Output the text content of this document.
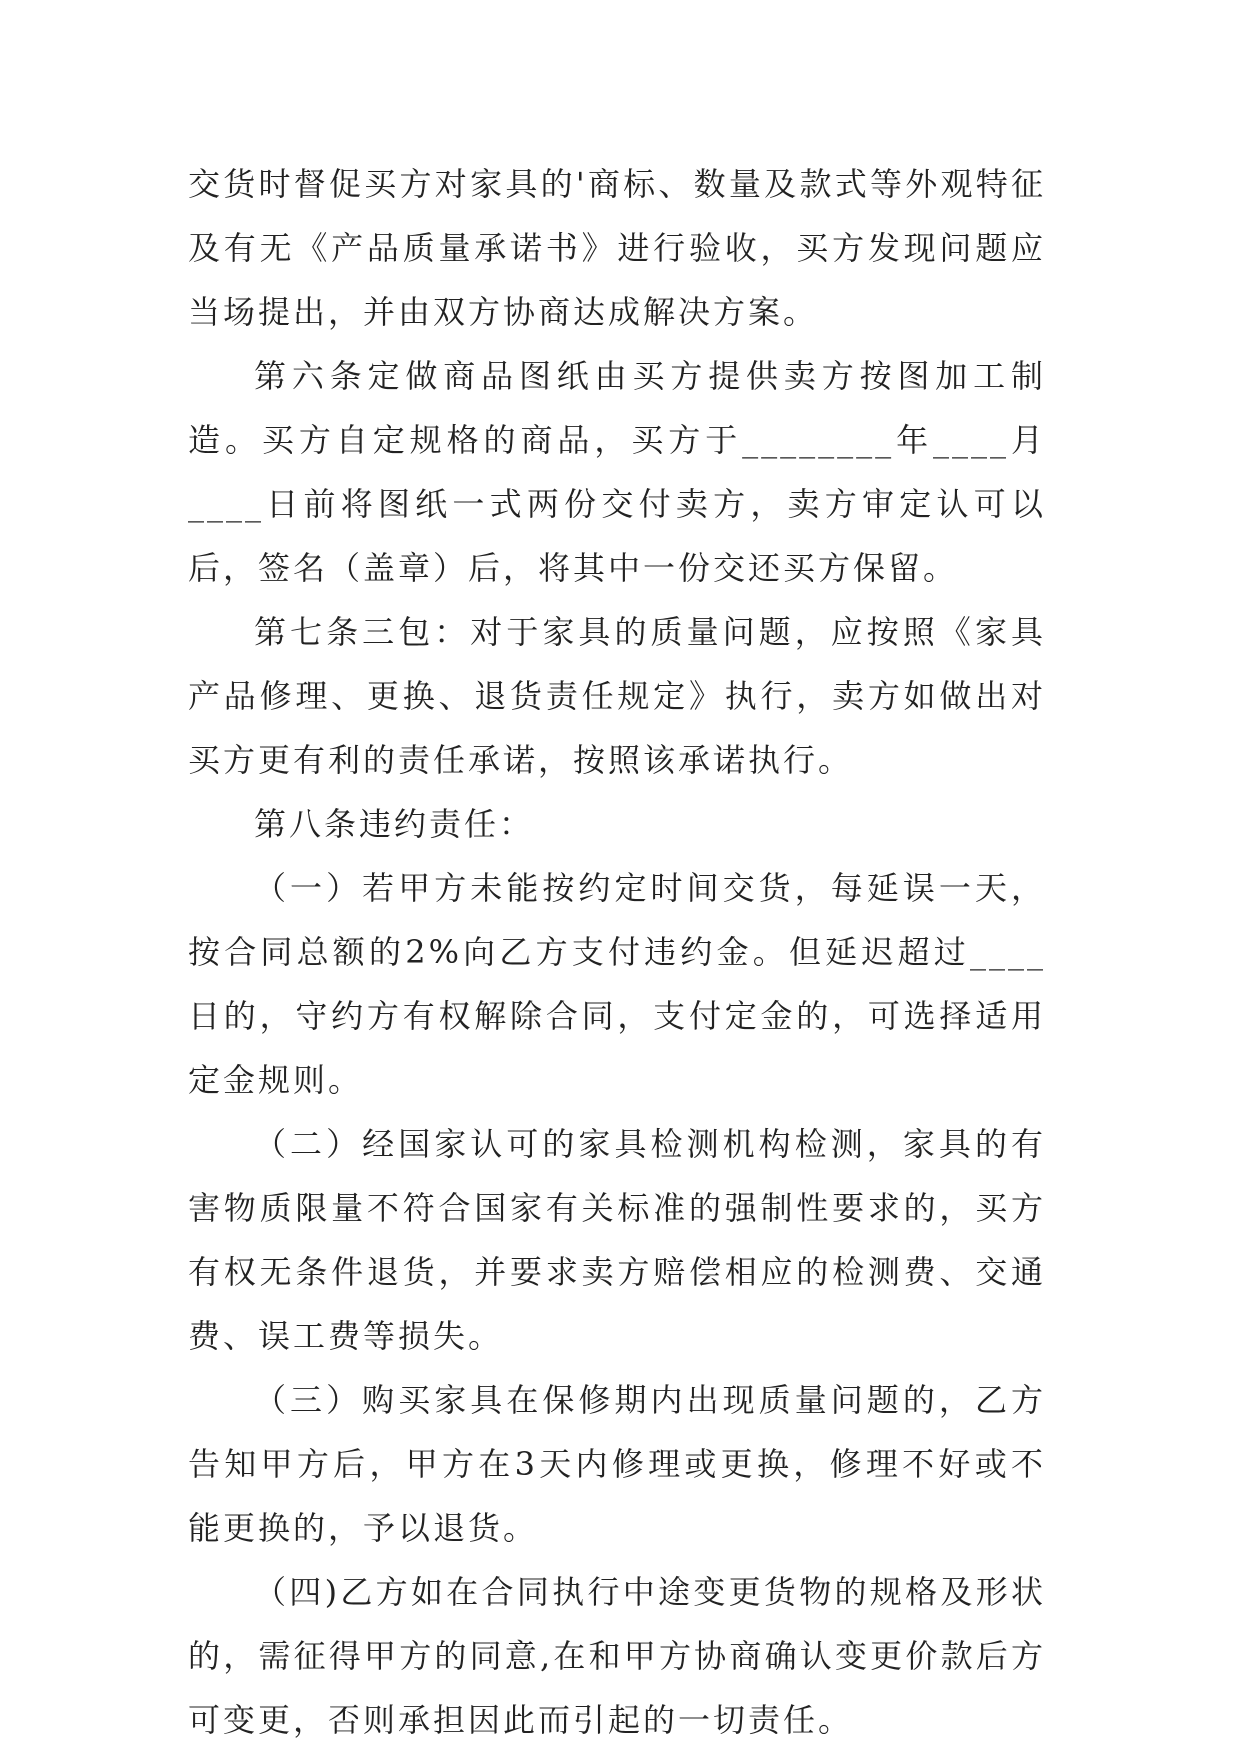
交货时督促买方对家具的'商标、数量及款式等外观特征及有无《产品质量承诺书》进行验收，买方发现问题应当场提出，并由双方协商达成解决方案。

第六条定做商品图纸由买方提供卖方按图加工制造。买方自定规格的商品，买方于________年____月____日前将图纸一式两份交付卖方，卖方审定认可以后，签名（盖章）后，将其中一份交还买方保留。

第七条三包：对于家具的质量问题，应按照《家具产品修理、更换、退货责任规定》执行，卖方如做出对买方更有利的责任承诺，按照该承诺执行。

第八条违约责任：

（一）若甲方未能按约定时间交货，每延误一天，按合同总额的2%向乙方支付违约金。但延迟超过____日的，守约方有权解除合同，支付定金的，可选择适用定金规则。

（二）经国家认可的家具检测机构检测，家具的有害物质限量不符合国家有关标准的强制性要求的，买方有权无条件退货，并要求卖方赔偿相应的检测费、交通费、误工费等损失。

（三）购买家具在保修期内出现质量问题的，乙方告知甲方后，甲方在3天内修理或更换，修理不好或不能更换的，予以退货。

（四)乙方如在合同执行中途变更货物的规格及形状的，需征得甲方的同意,在和甲方协商确认变更价款后方可变更，否则承担因此而引起的一切责任。
